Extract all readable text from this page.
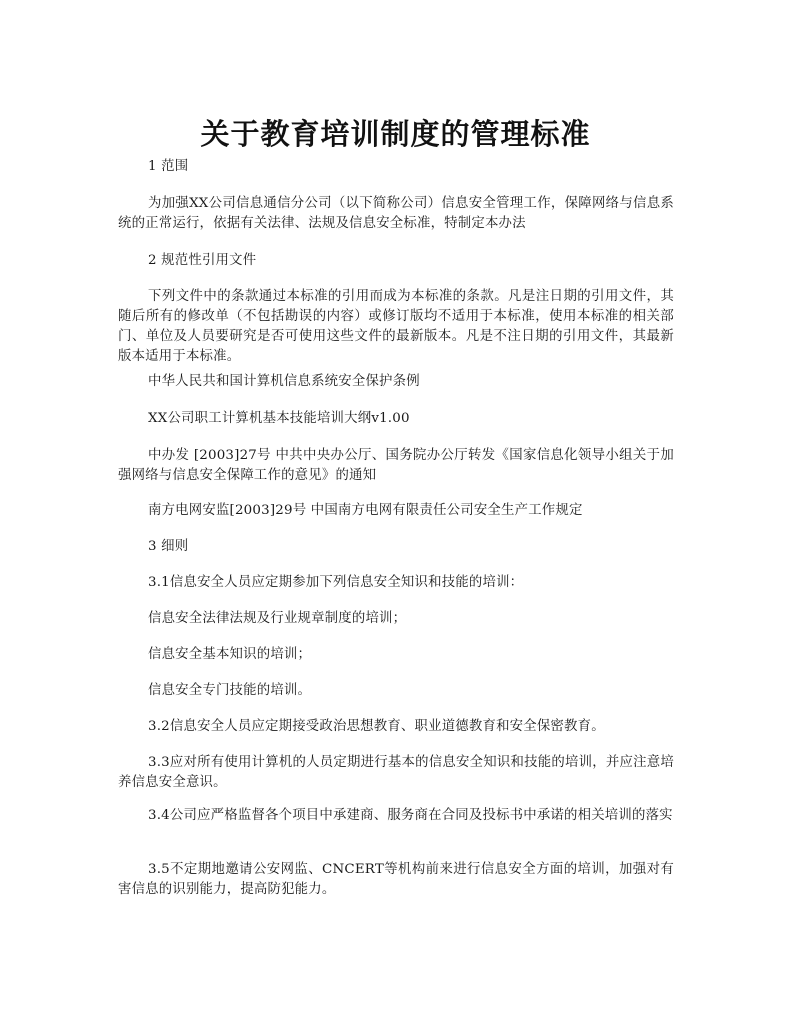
关于教育培训制度的管理标准

1 范围

为加强XX公司信息通信分公司（以下简称公司）信息安全管理工作，保障网络与信息系统的正常运行，依据有关法律、法规及信息安全标准，特制定本办法

2 规范性引用文件

下列文件中的条款通过本标准的引用而成为本标准的条款。凡是注日期的引用文件，其随后所有的修改单（不包括勘误的内容）或修订版均不适用于本标准，使用本标准的相关部门、单位及人员要研究是否可使用这些文件的最新版本。凡是不注日期的引用文件，其最新版本适用于本标准。

中华人民共和国计算机信息系统安全保护条例

XX公司职工计算机基本技能培训大纲v1.00

中办发 [2003]27号 中共中央办公厅、国务院办公厅转发《国家信息化领导小组关于加强网络与信息安全保障工作的意见》的通知

南方电网安监[2003]29号 中国南方电网有限责任公司安全生产工作规定

3 细则

3.1信息安全人员应定期参加下列信息安全知识和技能的培训：

信息安全法律法规及行业规章制度的培训；

信息安全基本知识的培训；

信息安全专门技能的培训。

3.2信息安全人员应定期接受政治思想教育、职业道德教育和安全保密教育。

3.3应对所有使用计算机的人员定期进行基本的信息安全知识和技能的培训，并应注意培养信息安全意识。

3.4公司应严格监督各个项目中承建商、服务商在合同及投标书中承诺的相关培训的落实

3.5不定期地邀请公安网监、CNCERT等机构前来进行信息安全方面的培训，加强对有害信息的识别能力，提高防犯能力。
